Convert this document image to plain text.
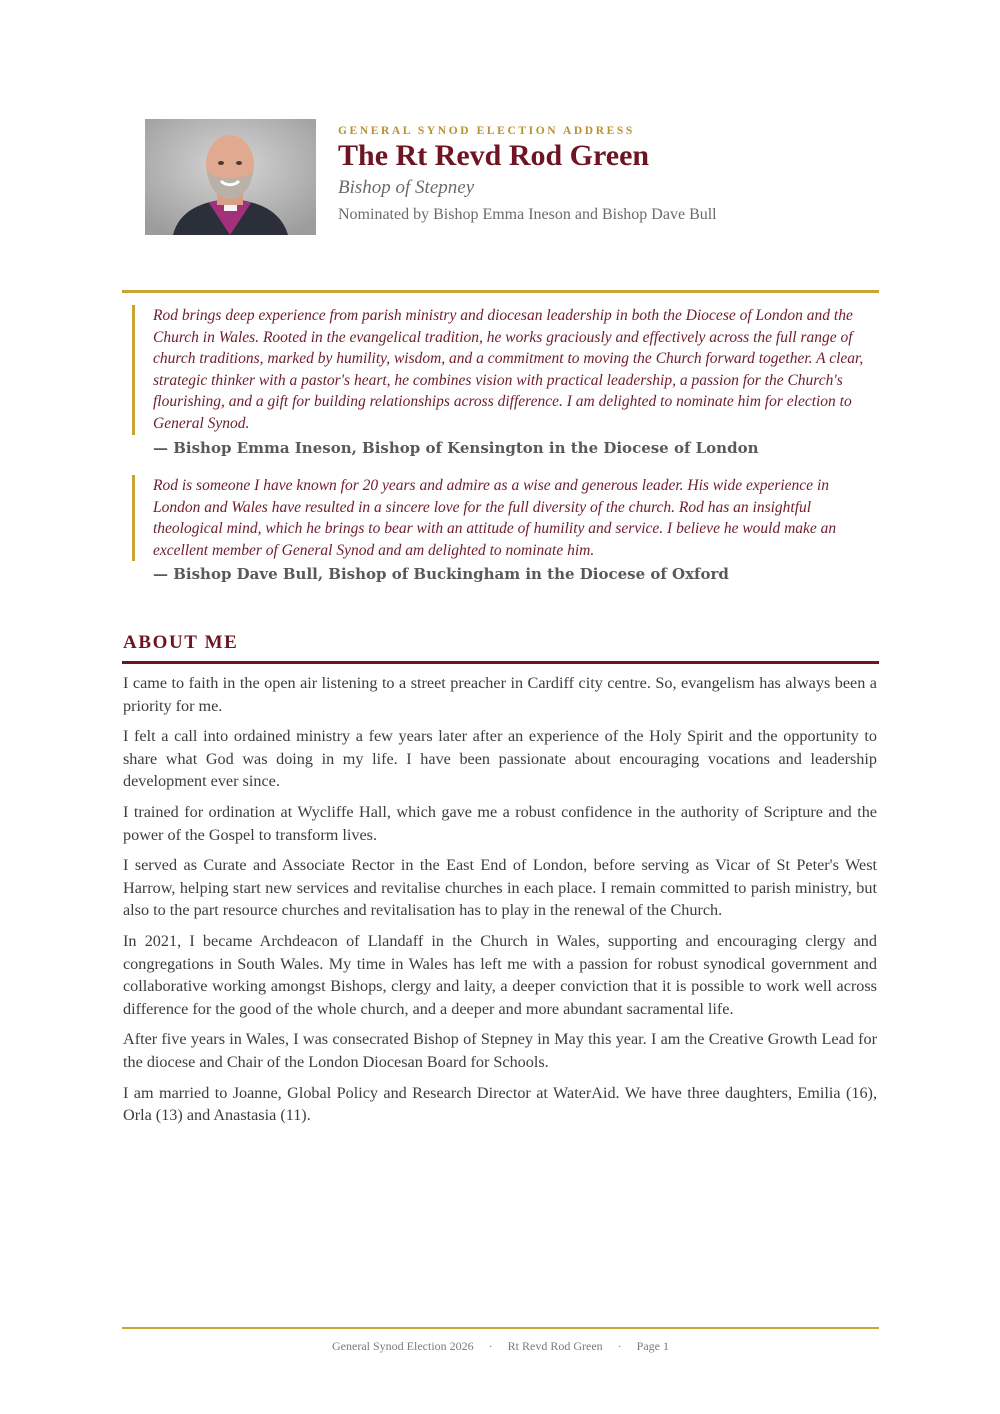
GENERAL SYNOD ELECTION ADDRESS
The Rt Revd Rod Green
Bishop of Stepney
Nominated by Bishop Emma Ineson and Bishop Dave Bull
Rod brings deep experience from parish ministry and diocesan leadership in both the Diocese of London and the Church in Wales. Rooted in the evangelical tradition, he works graciously and effectively across the full range of church traditions, marked by humility, wisdom, and a commitment to moving the Church forward together. A clear, strategic thinker with a pastor's heart, he combines vision with practical leadership, a passion for the Church's flourishing, and a gift for building relationships across difference. I am delighted to nominate him for election to General Synod.
— Bishop Emma Ineson, Bishop of Kensington in the Diocese of London
Rod is someone I have known for 20 years and admire as a wise and generous leader. His wide experience in London and Wales have resulted in a sincere love for the full diversity of the church. Rod has an insightful theological mind, which he brings to bear with an attitude of humility and service. I believe he would make an excellent member of General Synod and am delighted to nominate him.
— Bishop Dave Bull, Bishop of Buckingham in the Diocese of Oxford
ABOUT ME

I came to faith in the open air listening to a street preacher in Cardiff city centre. So, evangelism has always been a priority for me.

I felt a call into ordained ministry a few years later after an experience of the Holy Spirit and the opportunity to share what God was doing in my life. I have been passionate about encouraging vocations and leadership development ever since.

I trained for ordination at Wycliffe Hall, which gave me a robust confidence in the authority of Scripture and the power of the Gospel to transform lives.

I served as Curate and Associate Rector in the East End of London, before serving as Vicar of St Peter's West Harrow, helping start new services and revitalise churches in each place. I remain committed to parish ministry, but also to the part resource churches and revitalisation has to play in the renewal of the Church.

In 2021, I became Archdeacon of Llandaff in the Church in Wales, supporting and encouraging clergy and congregations in South Wales. My time in Wales has left me with a passion for robust synodical government and collaborative working amongst Bishops, clergy and laity, a deeper conviction that it is possible to work well across difference for the good of the whole church, and a deeper and more abundant sacramental life.

After five years in Wales, I was consecrated Bishop of Stepney in May this year. I am the Creative Growth Lead for the diocese and Chair of the London Diocesan Board for Schools.

I am married to Joanne, Global Policy and Research Director at WaterAid. We have three daughters, Emilia (16), Orla (13) and Anastasia (11).

General Synod Election 2026 · Rt Revd Rod Green · Page 1
